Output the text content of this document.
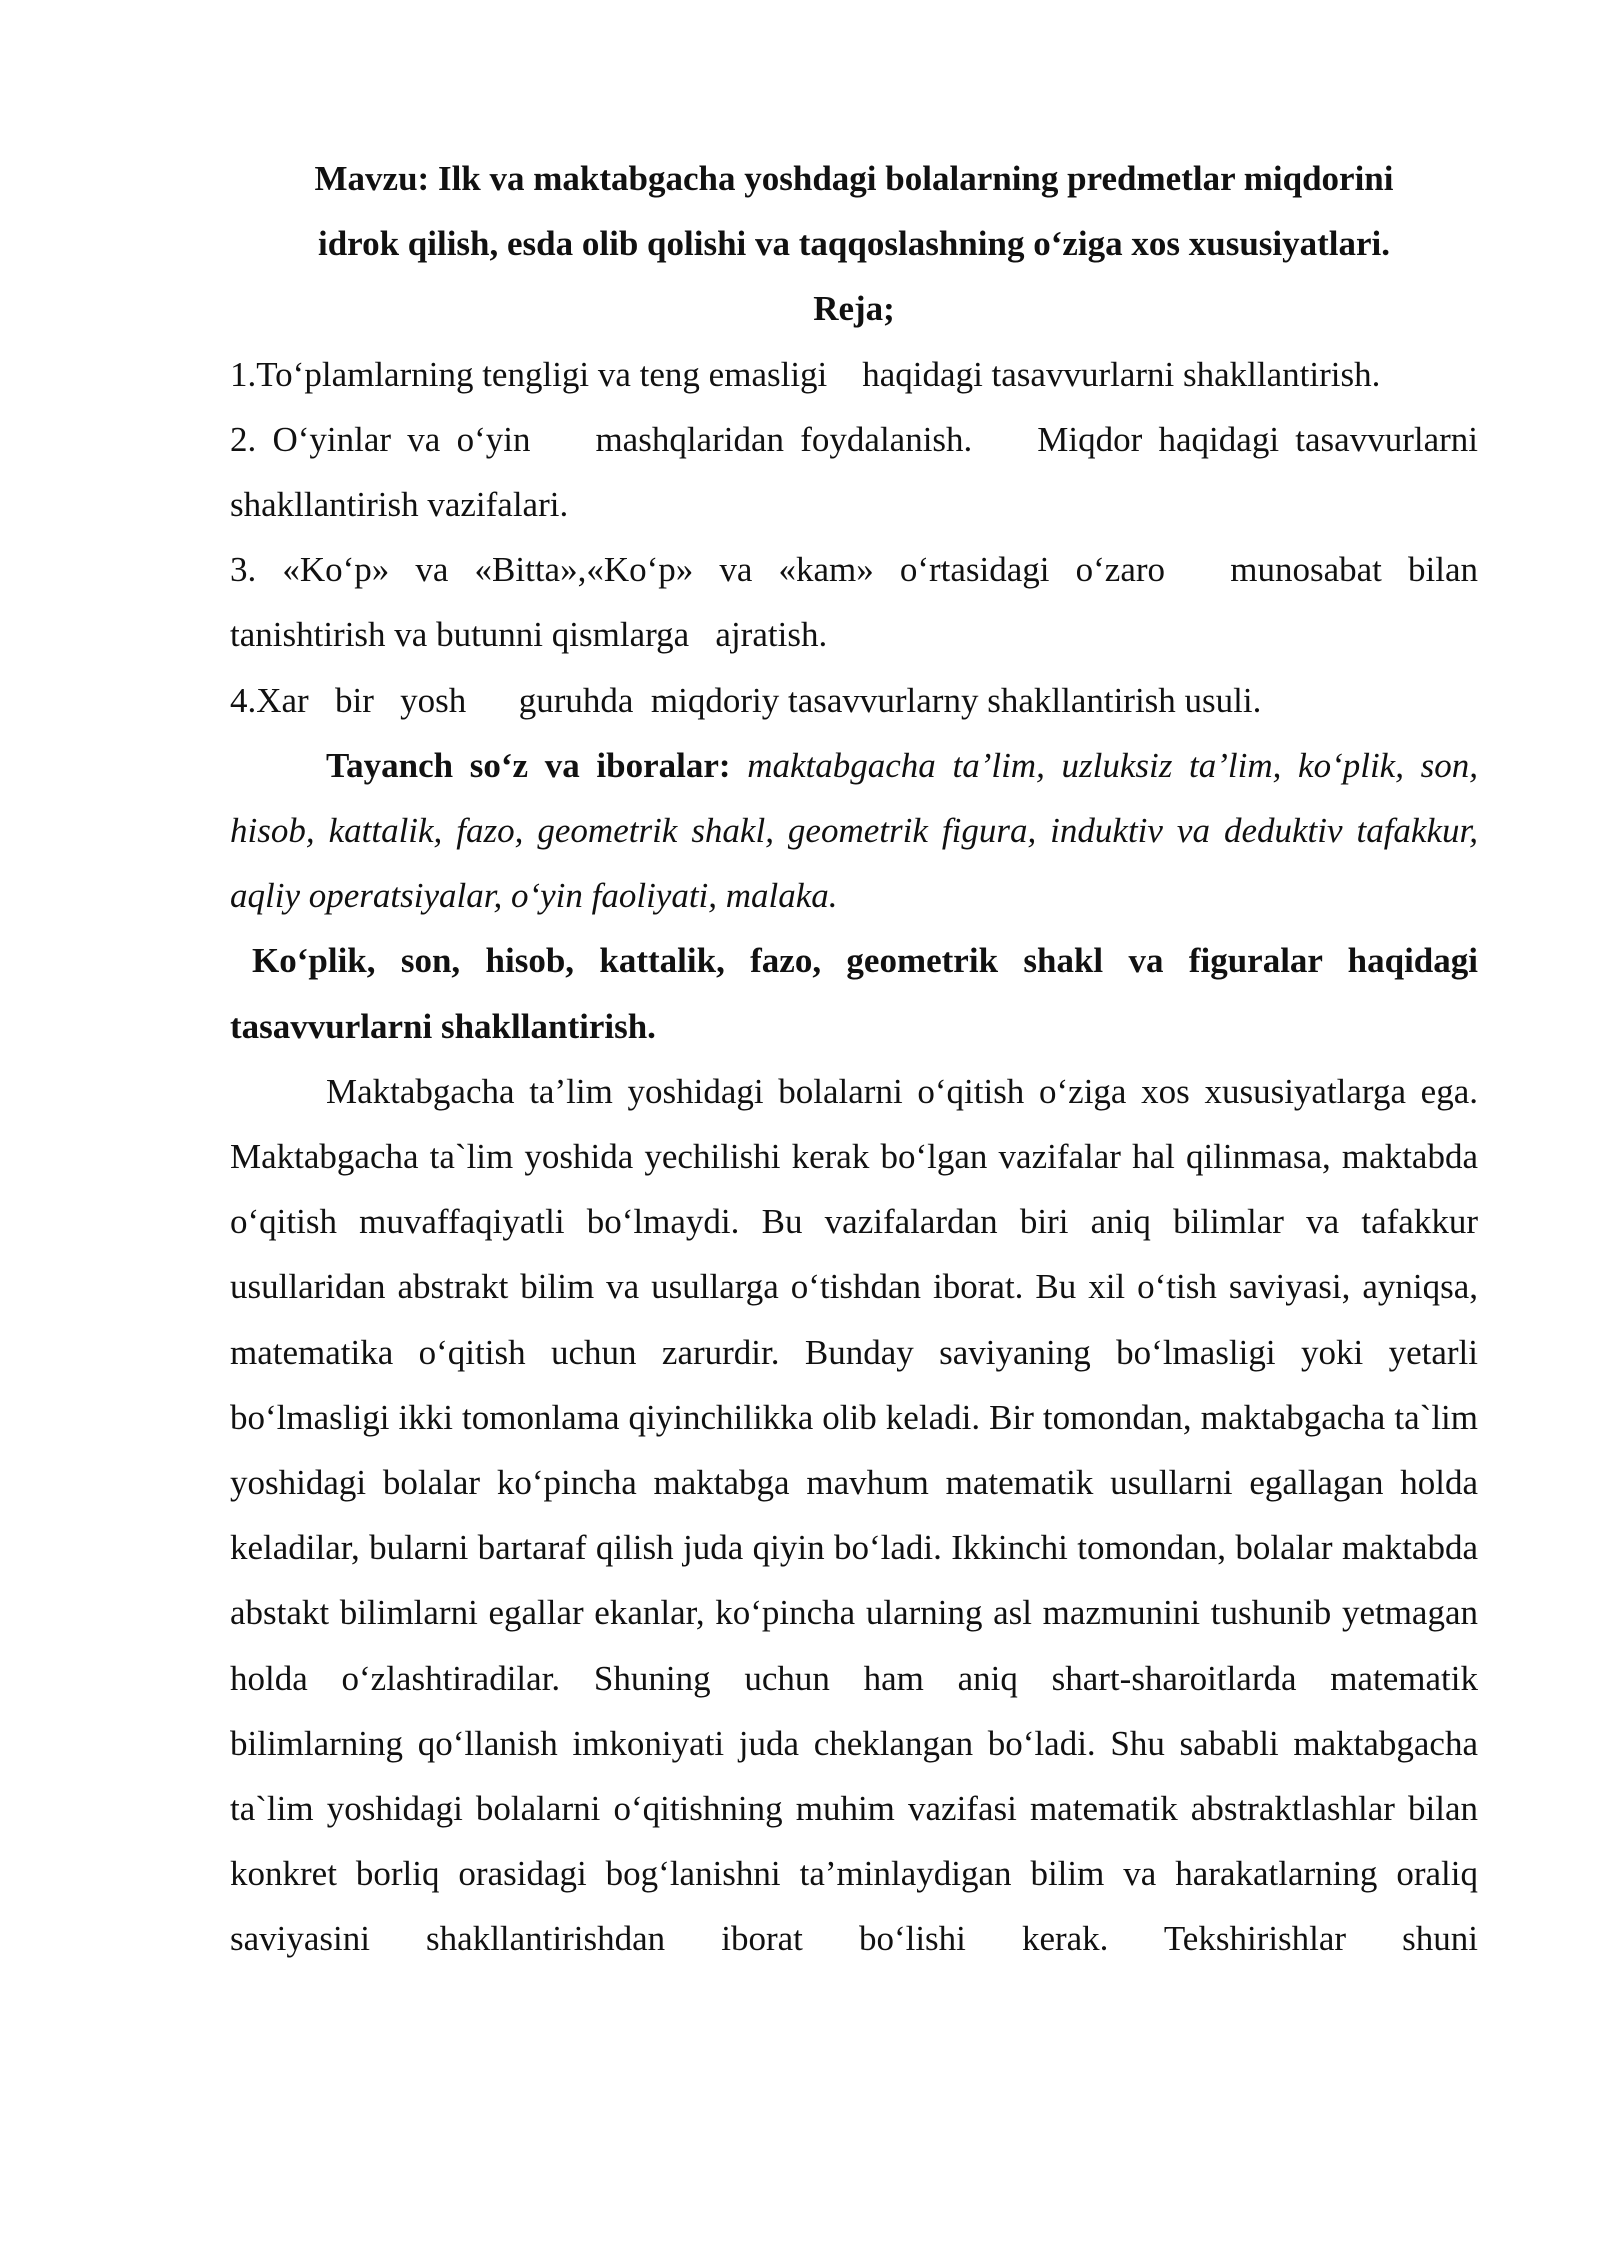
Mavzu: Ilk va maktabgacha yoshdagi bolalarning predmetlar miqdorini
idrok qilish, esda olib qolishi va taqqoslashning o‘ziga xos xususiyatlari.

Reja;

1.To‘plamlarning tengligi va teng emasligi    haqidagi tasavvurlarni shakllantirish.

2. O‘yinlar va o‘yin    mashqlaridan foydalanish.    Miqdor haqidagi tasavvurlarni shakllantirish vazifalari.

3.  «Ko‘p»  va  «Bitta»,«Ko‘p»  va  «kam»  o‘rtasidagi  o‘zaro     munosabat  bilan tanishtirish va butunni qismlarga   ajratish.

4.Xar   bir   yosh      guruhda  miqdoriy tasavvurlarny shakllantirish usuli.

Tayanch so‘z va iboralar: maktabgacha ta’lim, uzluksiz ta’lim, ko‘plik, son, hisob, kattalik, fazo, geometrik shakl, geometrik figura, induktiv va deduktiv tafakkur, aqliy operatsiyalar, o‘yin faoliyati, malaka.

Ko‘plik, son, hisob, kattalik, fazo, geometrik shakl va figuralar haqidagi tasavvurlarni shakllantirish.

Maktabgacha ta’lim yoshidagi bolalarni o‘qitish o‘ziga xos xususiyatlarga ega. Maktabgacha ta`lim yoshida yechilishi kerak bo‘lgan vazifalar hal qilinmasa, maktabda o‘qitish muvaffaqiyatli bo‘lmaydi. Bu vazifalardan biri aniq bilimlar va tafakkur usullaridan abstrakt bilim va usullarga o‘tishdan iborat. Bu xil o‘tish saviyasi, ayniqsa, matematika o‘qitish uchun zarurdir. Bunday saviyaning bo‘lmasligi yoki yetarli bo‘lmasligi ikki tomonlama qiyinchilikka olib keladi. Bir tomondan, maktabgacha ta`lim yoshidagi bolalar ko‘pincha maktabga mavhum matematik usullarni egallagan holda keladilar, bularni bartaraf qilish juda qiyin bo‘ladi. Ikkinchi tomondan, bolalar maktabda abstakt bilimlarni egallar ekanlar, ko‘pincha ularning asl mazmunini tushunib yetmagan holda o‘zlashtiradilar. Shuning uchun ham aniq shart-sharoitlarda matematik bilimlarning qo‘llanish imkoniyati juda cheklangan bo‘ladi. Shu sababli maktabgacha ta`lim yoshidagi bolalarni o‘qitishning muhim vazifasi matematik abstraktlashlar bilan konkret borliq orasidagi bog‘lanishni ta’minlaydigan bilim va harakatlarning oraliq saviyasini shakllantirishdan iborat bo‘lishi kerak. Tekshirishlar shuni
